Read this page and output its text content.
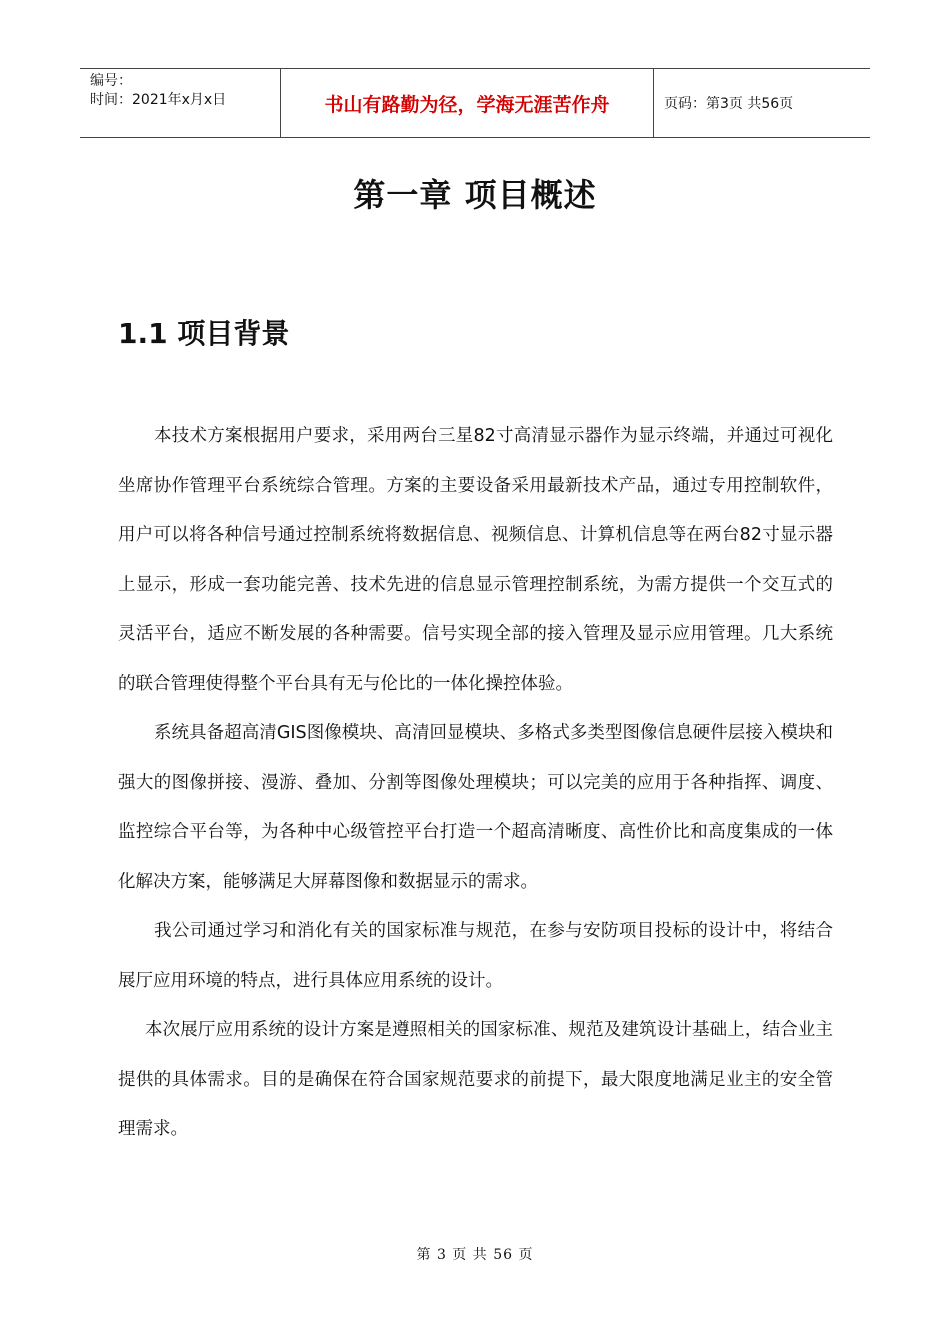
编号：
时间：2021年x月x日	书山有路勤为径，学海无涯苦作舟	页码：第3页 共56页
第一章 项目概述
1.1 项目背景

本技术方案根据用户要求，采用两台三星82寸高清显示器作为显示终端，并通过可视化坐席协作管理平台系统综合管理。方案的主要设备采用最新技术产品，通过专用控制软件，用户可以将各种信号通过控制系统将数据信息、视频信息、计算机信息等在两台82寸显示器上显示，形成一套功能完善、技术先进的信息显示管理控制系统，为需方提供一个交互式的灵活平台，适应不断发展的各种需要。信号实现全部的接入管理及显示应用管理。几大系统的联合管理使得整个平台具有无与伦比的一体化操控体验。

系统具备超高清GIS图像模块、高清回显模块、多格式多类型图像信息硬件层接入模块和强大的图像拼接、漫游、叠加、分割等图像处理模块；可以完美的应用于各种指挥、调度、监控综合平台等，为各种中心级管控平台打造一个超高清晰度、高性价比和高度集成的一体化解决方案，能够满足大屏幕图像和数据显示的需求。

我公司通过学习和消化有关的国家标准与规范，在参与安防项目投标的设计中，将结合展厅应用环境的特点，进行具体应用系统的设计。

本次展厅应用系统的设计方案是遵照相关的国家标准、规范及建筑设计基础上，结合业主提供的具体需求。目的是确保在符合国家规范要求的前提下，最大限度地满足业主的安全管理需求。

第 3 页 共 56 页
